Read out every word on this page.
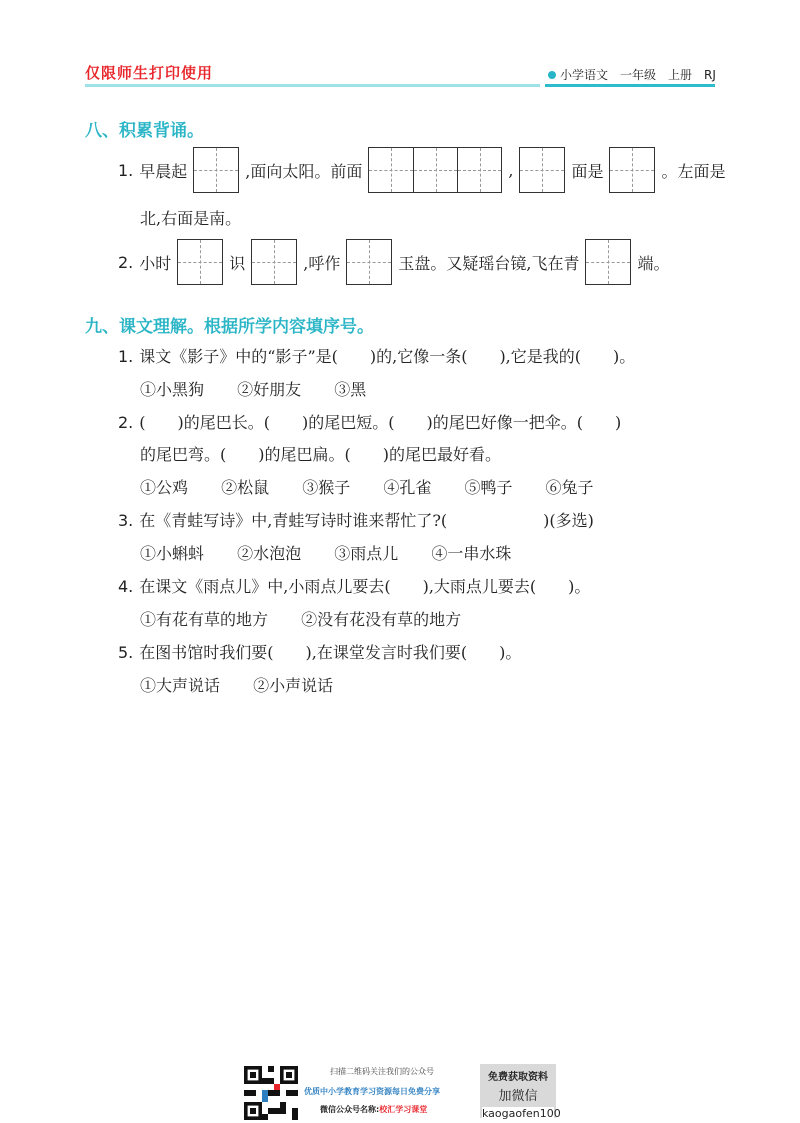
仅限师生打印使用	小学语文 一年级 上册 RJ
八、积累背诵。
1. 早晨起	,面向太阳。前面	,	面是	。左面是
北,右面是南。
2. 小时	识	,呼作	玉盘。又疑瑶台镜,飞在青	端。
九、课文理解。根据所学内容填序号。
1. 课文《影子》中的“影子”是(　　)的,它像一条(　　),它是我的(　　)。
①小黑狗 ②好朋友 ③黑
2. (　　)的尾巴长。(　　)的尾巴短。(　　)的尾巴好像一把伞。(　　)
的尾巴弯。(　　)的尾巴扁。(　　)的尾巴最好看。
①公鸡 ②松鼠 ③猴子 ④孔雀 ⑤鸭子 ⑥兔子
3. 在《青蛙写诗》中,青蛙写诗时谁来帮忙了?(　　　　　　)(多选)
①小蝌蚪 ②水泡泡 ③雨点儿 ④一串水珠
4. 在课文《雨点儿》中,小雨点儿要去(　　),大雨点儿要去(　　)。
①有花有草的地方 ②没有花没有草的地方
5. 在图书馆时我们要(　　),在课堂发言时我们要(　　)。
①大声说话 ②小声说话
扫描二维码关注我们的公众号
优质中小学教育学习资源每日免费分享
微信公众号名称:校汇学习课堂
免费获取资料
加微信
kaogaofen100
